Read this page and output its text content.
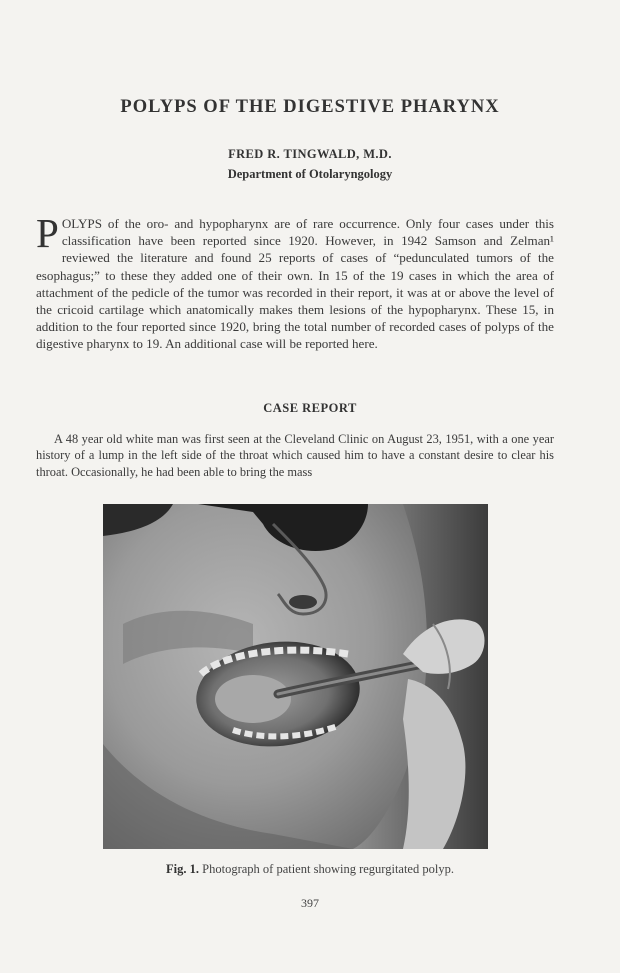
POLYPS OF THE DIGESTIVE PHARYNX
FRED R. TINGWALD, M.D.
Department of Otolaryngology
POLYPS of the oro- and hypopharynx are of rare occurrence. Only four cases under this classification have been reported since 1920. However, in 1942 Samson and Zelman¹ reviewed the literature and found 25 reports of cases of “pedunculated tumors of the esophagus;” to these they added one of their own. In 15 of the 19 cases in which the area of attachment of the pedicle of the tumor was recorded in their report, it was at or above the level of the cricoid cartilage which anatomically makes them lesions of the hypopharynx. These 15, in addition to the four reported since 1920, bring the total number of recorded cases of polyps of the digestive pharynx to 19. An additional case will be reported here.
CASE REPORT
A 48 year old white man was first seen at the Cleveland Clinic on August 23, 1951, with a one year history of a lump in the left side of the throat which caused him to have a constant desire to clear his throat. Occasionally, he had been able to bring the mass
Fig. 1. Photograph of patient showing regurgitated polyp.
397
